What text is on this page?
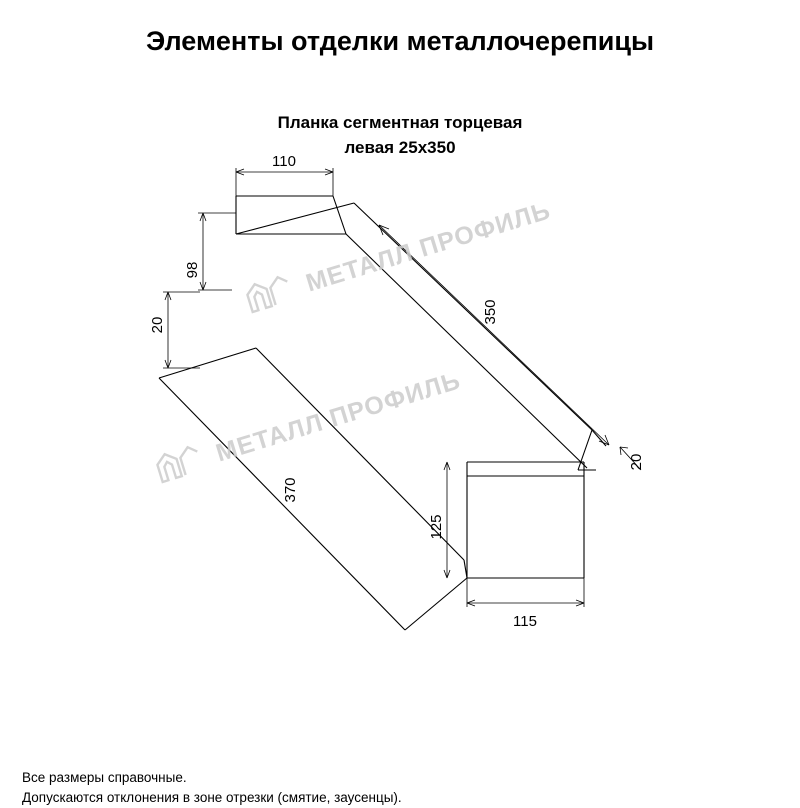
Элементы отделки металлочерепицы
Планка сегментная торцевая
левая 25х350
110
98
20
350
370
20
125
115
МЕТАЛЛ ПРОФИЛЬ
МЕТАЛЛ ПРОФИЛЬ
Все размеры справочные.
Допускаются отклонения в зоне отрезки (смятие, заусенцы).
